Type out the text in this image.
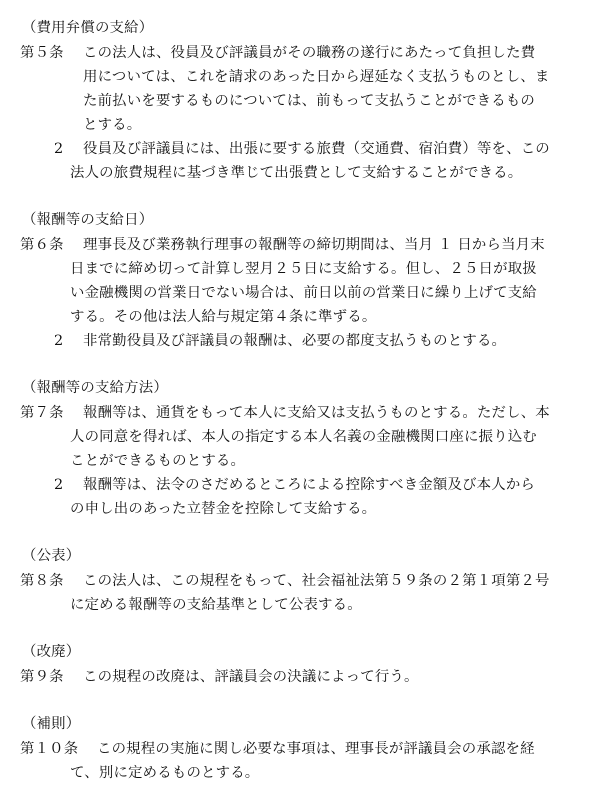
（費用弁償の支給）
第５条 この法人は、役員及び評議員がその職務の遂行にあたって負担した費
用については、これを請求のあった日から遅延なく支払うものとし、ま
た前払いを要するものについては、前もって支払うことができるもの
とする。
2 役員及び評議員には、出張に要する旅費（交通費、宿泊費）等を、この
法人の旅費規程に基づき準じて出張費として支給することができる。
（報酬等の支給日）
第６条 理事長及び業務執行理事の報酬等の締切期間は、当月 １ 日から当月末
日までに締め切って計算し翌月２５日に支給する。但し、２５日が取扱
い金融機関の営業日でない場合は、前日以前の営業日に繰り上げて支給
する。その他は法人給与規定第４条に準ずる。
2 非常勤役員及び評議員の報酬は、必要の都度支払うものとする。
（報酬等の支給方法）
第７条 報酬等は、通貨をもって本人に支給又は支払うものとする。ただし、本
人の同意を得れば、本人の指定する本人名義の金融機関口座に振り込む
ことができるものとする。
2 報酬等は、法令のさだめるところによる控除すべき金額及び本人から
の申し出のあった立替金を控除して支給する。
（公表）
第８条 この法人は、この規程をもって、社会福祉法第５９条の２第１項第２号
に定める報酬等の支給基準として公表する。
（改廃）
第９条 この規程の改廃は、評議員会の決議によって行う。
（補則）
第１０条 この規程の実施に関し必要な事項は、理事長が評議員会の承認を経
て、別に定めるものとする。
